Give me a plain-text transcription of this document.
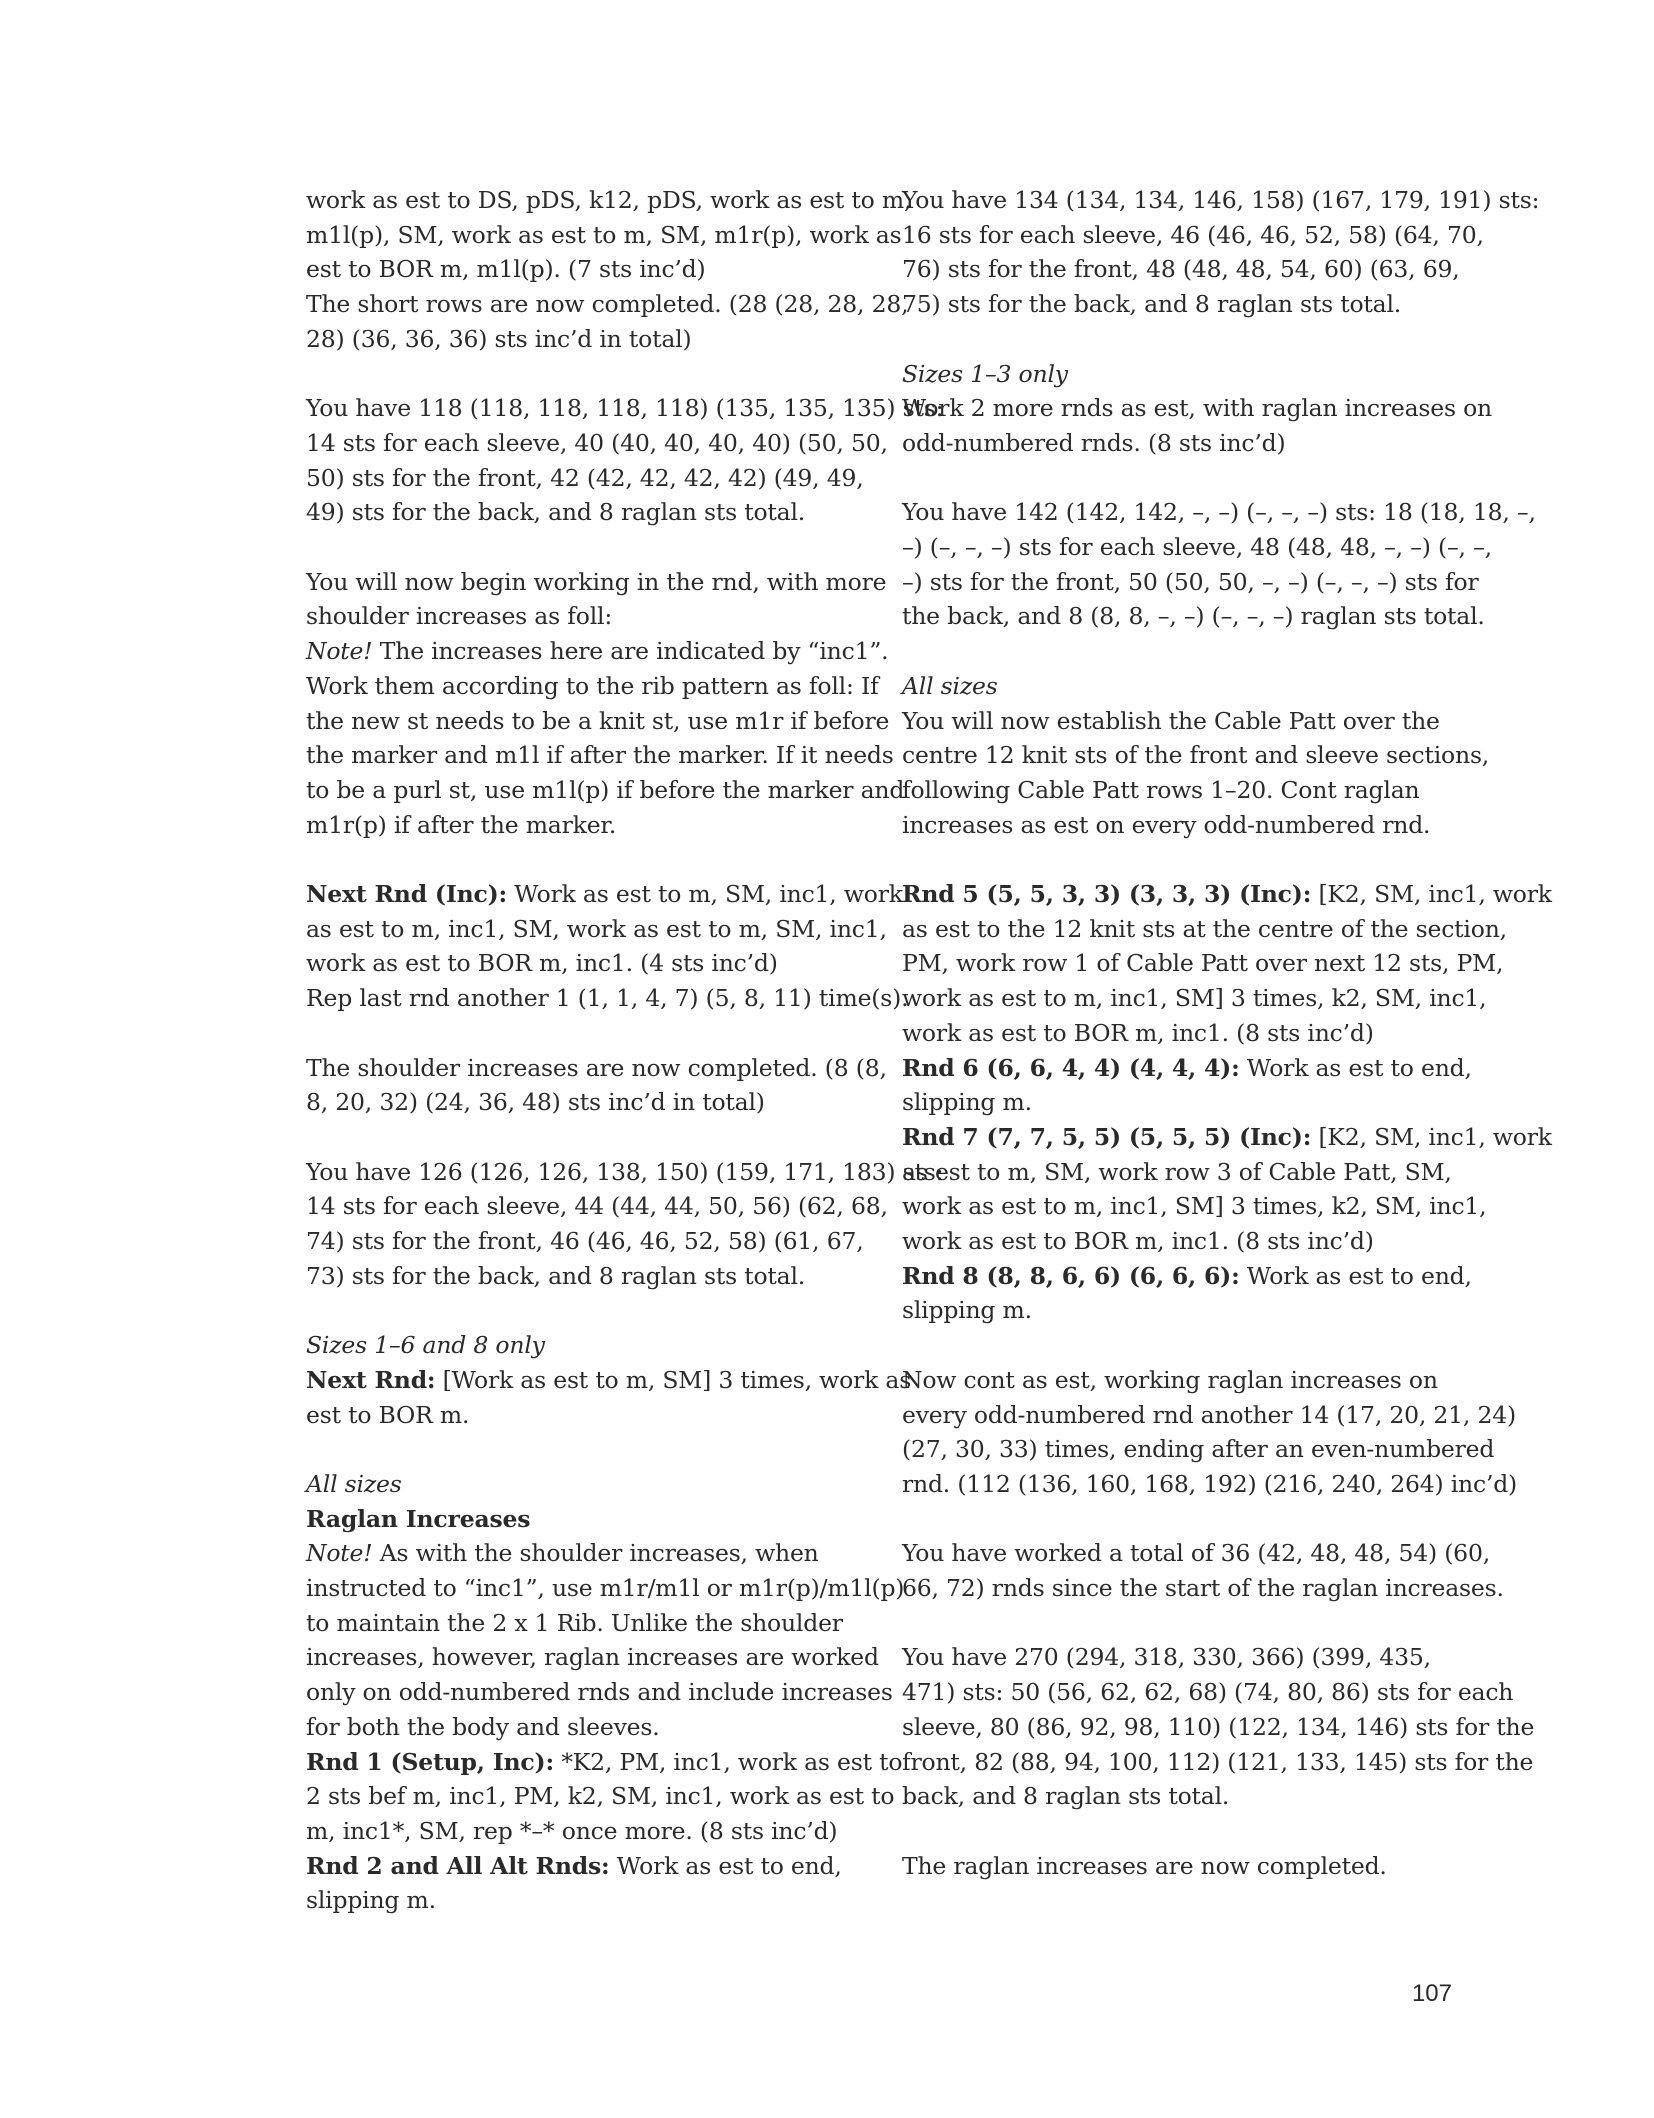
work as est to DS, pDS, k12, pDS, work as est to m,
m1l(p), SM, work as est to m, SM, m1r(p), work as
est to BOR m, m1l(p). (7 sts inc’d)
The short rows are now completed. (28 (28, 28, 28,
28) (36, 36, 36) sts inc’d in total)
You have 118 (118, 118, 118, 118) (135, 135, 135) sts:
14 sts for each sleeve, 40 (40, 40, 40, 40) (50, 50,
50) sts for the front, 42 (42, 42, 42, 42) (49, 49,
49) sts for the back, and 8 raglan sts total.
You will now begin working in the rnd, with more
shoulder increases as foll:
Note! The increases here are indicated by “inc1”.
Work them according to the rib pattern as foll: If
the new st needs to be a knit st, use m1r if before
the marker and m1l if after the marker. If it needs
to be a purl st, use m1l(p) if before the marker and
m1r(p) if after the marker.
Next Rnd (Inc): Work as est to m, SM, inc1, work
as est to m, inc1, SM, work as est to m, SM, inc1,
work as est to BOR m, inc1. (4 sts inc’d)
Rep last rnd another 1 (1, 1, 4, 7) (5, 8, 11) time(s).
The shoulder increases are now completed. (8 (8,
8, 20, 32) (24, 36, 48) sts inc’d in total)
You have 126 (126, 126, 138, 150) (159, 171, 183) sts:
14 sts for each sleeve, 44 (44, 44, 50, 56) (62, 68,
74) sts for the front, 46 (46, 46, 52, 58) (61, 67,
73) sts for the back, and 8 raglan sts total.
Sizes 1–6 and 8 only
Next Rnd: [Work as est to m, SM] 3 times, work as
est to BOR m.
All sizes
Raglan Increases
Note! As with the shoulder increases, when
instructed to “inc1”, use m1r/m1l or m1r(p)/m1l(p)
to maintain the 2 x 1 Rib. Unlike the shoulder
increases, however, raglan increases are worked
only on odd-numbered rnds and include increases
for both the body and sleeves.
Rnd 1 (Setup, Inc): *K2, PM, inc1, work as est to
2 sts bef m, inc1, PM, k2, SM, inc1, work as est to
m, inc1*, SM, rep *–* once more. (8 sts inc’d)
Rnd 2 and All Alt Rnds: Work as est to end,
slipping m.
You have 134 (134, 134, 146, 158) (167, 179, 191) sts:
16 sts for each sleeve, 46 (46, 46, 52, 58) (64, 70,
76) sts for the front, 48 (48, 48, 54, 60) (63, 69,
75) sts for the back, and 8 raglan sts total.
Sizes 1–3 only
Work 2 more rnds as est, with raglan increases on
odd-numbered rnds. (8 sts inc’d)
You have 142 (142, 142, –, –) (–, –, –) sts: 18 (18, 18, –,
–) (–, –, –) sts for each sleeve, 48 (48, 48, –, –) (–, –,
–) sts for the front, 50 (50, 50, –, –) (–, –, –) sts for
the back, and 8 (8, 8, –, –) (–, –, –) raglan sts total.
All sizes
You will now establish the Cable Patt over the
centre 12 knit sts of the front and sleeve sections,
following Cable Patt rows 1–20. Cont raglan
increases as est on every odd-numbered rnd.
Rnd 5 (5, 5, 3, 3) (3, 3, 3) (Inc): [K2, SM, inc1, work
as est to the 12 knit sts at the centre of the section,
PM, work row 1 of Cable Patt over next 12 sts, PM,
work as est to m, inc1, SM] 3 times, k2, SM, inc1,
work as est to BOR m, inc1. (8 sts inc’d)
Rnd 6 (6, 6, 4, 4) (4, 4, 4): Work as est to end,
slipping m.
Rnd 7 (7, 7, 5, 5) (5, 5, 5) (Inc): [K2, SM, inc1, work
as est to m, SM, work row 3 of Cable Patt, SM,
work as est to m, inc1, SM] 3 times, k2, SM, inc1,
work as est to BOR m, inc1. (8 sts inc’d)
Rnd 8 (8, 8, 6, 6) (6, 6, 6): Work as est to end,
slipping m.
Now cont as est, working raglan increases on
every odd-numbered rnd another 14 (17, 20, 21, 24)
(27, 30, 33) times, ending after an even-numbered
rnd. (112 (136, 160, 168, 192) (216, 240, 264) inc’d)
You have worked a total of 36 (42, 48, 48, 54) (60,
66, 72) rnds since the start of the raglan increases.
You have 270 (294, 318, 330, 366) (399, 435,
471) sts: 50 (56, 62, 62, 68) (74, 80, 86) sts for each
sleeve, 80 (86, 92, 98, 110) (122, 134, 146) sts for the
front, 82 (88, 94, 100, 112) (121, 133, 145) sts for the
back, and 8 raglan sts total.
The raglan increases are now completed.
107
